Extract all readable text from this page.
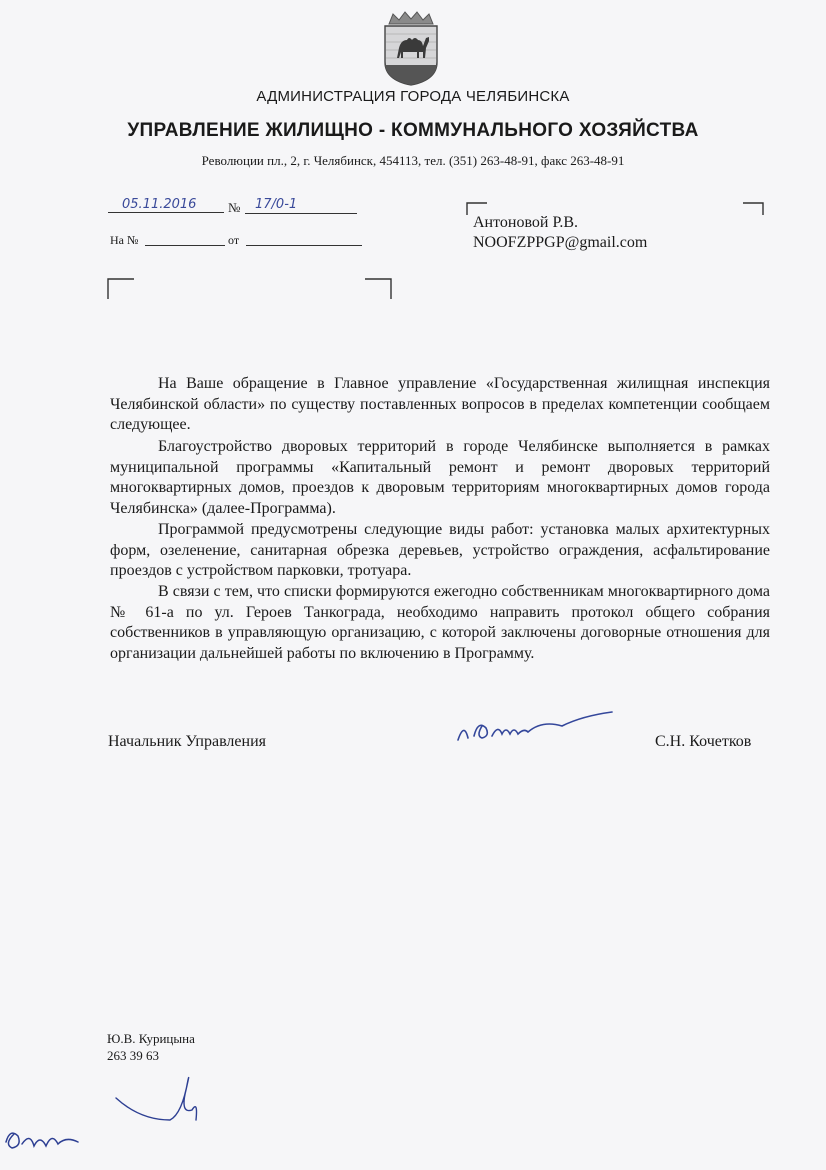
АДМИНИСТРАЦИЯ ГОРОДА ЧЕЛЯБИНСКА
УПРАВЛЕНИЕ ЖИЛИЩНО - КОММУНАЛЬНОГО ХОЗЯЙСТВА
Революции пл., 2, г. Челябинск, 454113, тел. (351) 263-48-91, факс 263-48-91
05.11.2016 № 17/0-1
На №	от
Антоновой Р.В.
NOOFZPPGP@gmail.com

На Ваше обращение в Главное управление «Государственная жилищная инспекция Челябинской области» по существу поставленных вопросов в пределах компетенции сообщаем следующее.

Благоустройство дворовых территорий в городе Челябинске выполняется в рамках муниципальной программы «Капитальный ремонт и ремонт дворовых территорий многоквартирных домов, проездов к дворовым территориям многоквартирных домов города Челябинска» (далее-Программа).

Программой предусмотрены следующие виды работ: установка малых архитектурных форм, озеленение, санитарная обрезка деревьев, устройство ограждения, асфальтирование проездов с устройством парковки, тротуара.

В связи с тем, что списки формируются ежегодно собственникам многоквартирного дома № 61-а по ул. Героев Танкограда, необходимо направить протокол общего собрания собственников в управляющую организацию, с которой заключены договорные отношения для организации дальнейшей работы по включению в Программу.

Начальник Управления	С.Н. Кочетков
Ю.В. Курицына
263 39 63
